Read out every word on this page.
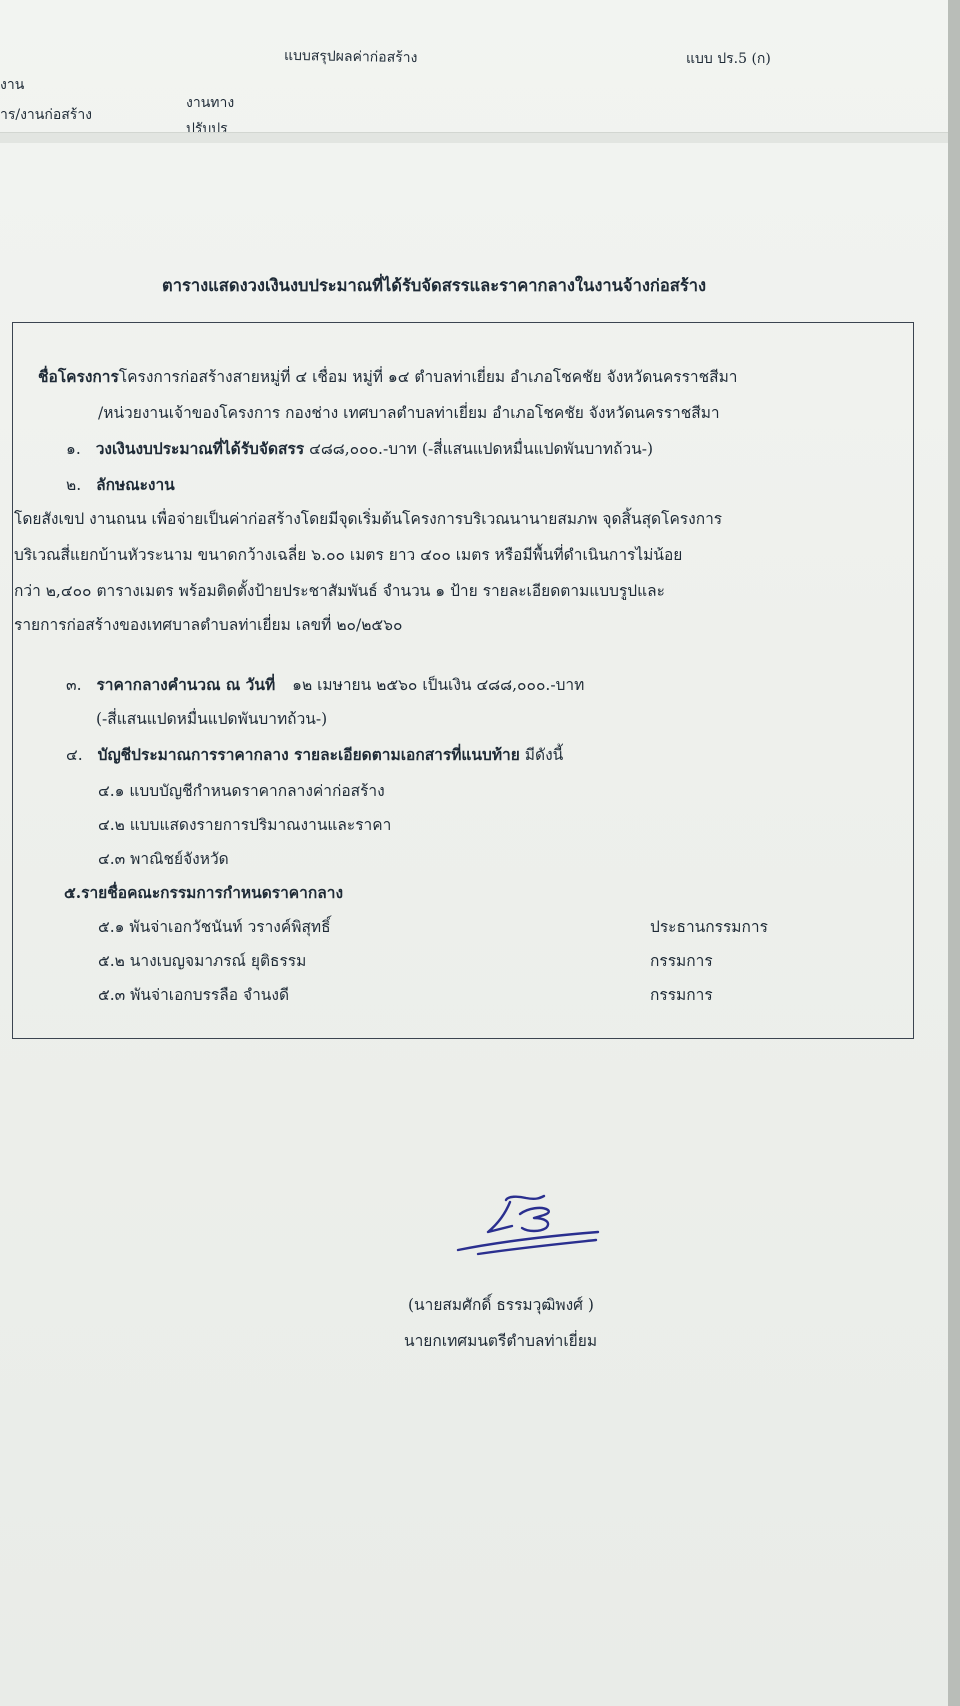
แบบสรุปผลค่าก่อสร้าง	แบบ ปร.5 (ก)
งาน
าร/งานก่อสร้าง
งานทาง
ปรับปร
ตารางแสดงวงเงินงบประมาณที่ได้รับจัดสรรและราคากลางในงานจ้างก่อสร้าง
ชื่อโครงการโครงการก่อสร้างสายหมู่ที่ ๔ เชื่อม หมู่ที่ ๑๔ ตำบลท่าเยี่ยม อำเภอโชคชัย จังหวัดนครราชสีมา
/หน่วยงานเจ้าของโครงการ กองช่าง เทศบาลตำบลท่าเยี่ยม อำเภอโชคชัย จังหวัดนครราชสีมา
๑. วงเงินงบประมาณที่ได้รับจัดสรร ๔๘๘,๐๐๐.-บาท (-สี่แสนแปดหมื่นแปดพันบาทถ้วน-)
๒. ลักษณะงาน
โดยสังเขป งานถนน เพื่อจ่ายเป็นค่าก่อสร้างโดยมีจุดเริ่มต้นโครงการบริเวณนานายสมภพ จุดสิ้นสุดโครงการ
บริเวณสี่แยกบ้านหัวระนาม ขนาดกว้างเฉลี่ย ๖.๐๐ เมตร ยาว ๔๐๐ เมตร หรือมีพื้นที่ดำเนินการไม่น้อย
กว่า ๒,๔๐๐ ตารางเมตร พร้อมติดตั้งป้ายประชาสัมพันธ์ จำนวน ๑ ป้าย รายละเอียดตามแบบรูปและ
รายการก่อสร้างของเทศบาลตำบลท่าเยี่ยม เลขที่ ๒๐/๒๕๖๐
๓. ราคากลางคำนวณ ณ วันที่ ๑๒ เมษายน ๒๕๖๐ เป็นเงิน ๔๘๘,๐๐๐.-บาท
(-สี่แสนแปดหมื่นแปดพันบาทถ้วน-)
๔. บัญชีประมาณการราคากลาง รายละเอียดตามเอกสารที่แนบท้าย มีดังนี้
๔.๑ แบบบัญชีกำหนดราคากลางค่าก่อสร้าง
๔.๒ แบบแสดงรายการปริมาณงานและราคา
๔.๓ พาณิชย์จังหวัด
๕.รายชื่อคณะกรรมการกำหนดราคากลาง
๕.๑ พันจ่าเอกวัชนันท์ วรางค์พิสุทธิ์	ประธานกรรมการ
๕.๒ นางเบญจมาภรณ์ ยุติธรรม	กรรมการ
๕.๓ พันจ่าเอกบรรลือ จำนงดี	กรรมการ
(นายสมศักดิ์ ธรรมวุฒิพงศ์ )
นายกเทศมนตรีตำบลท่าเยี่ยม
